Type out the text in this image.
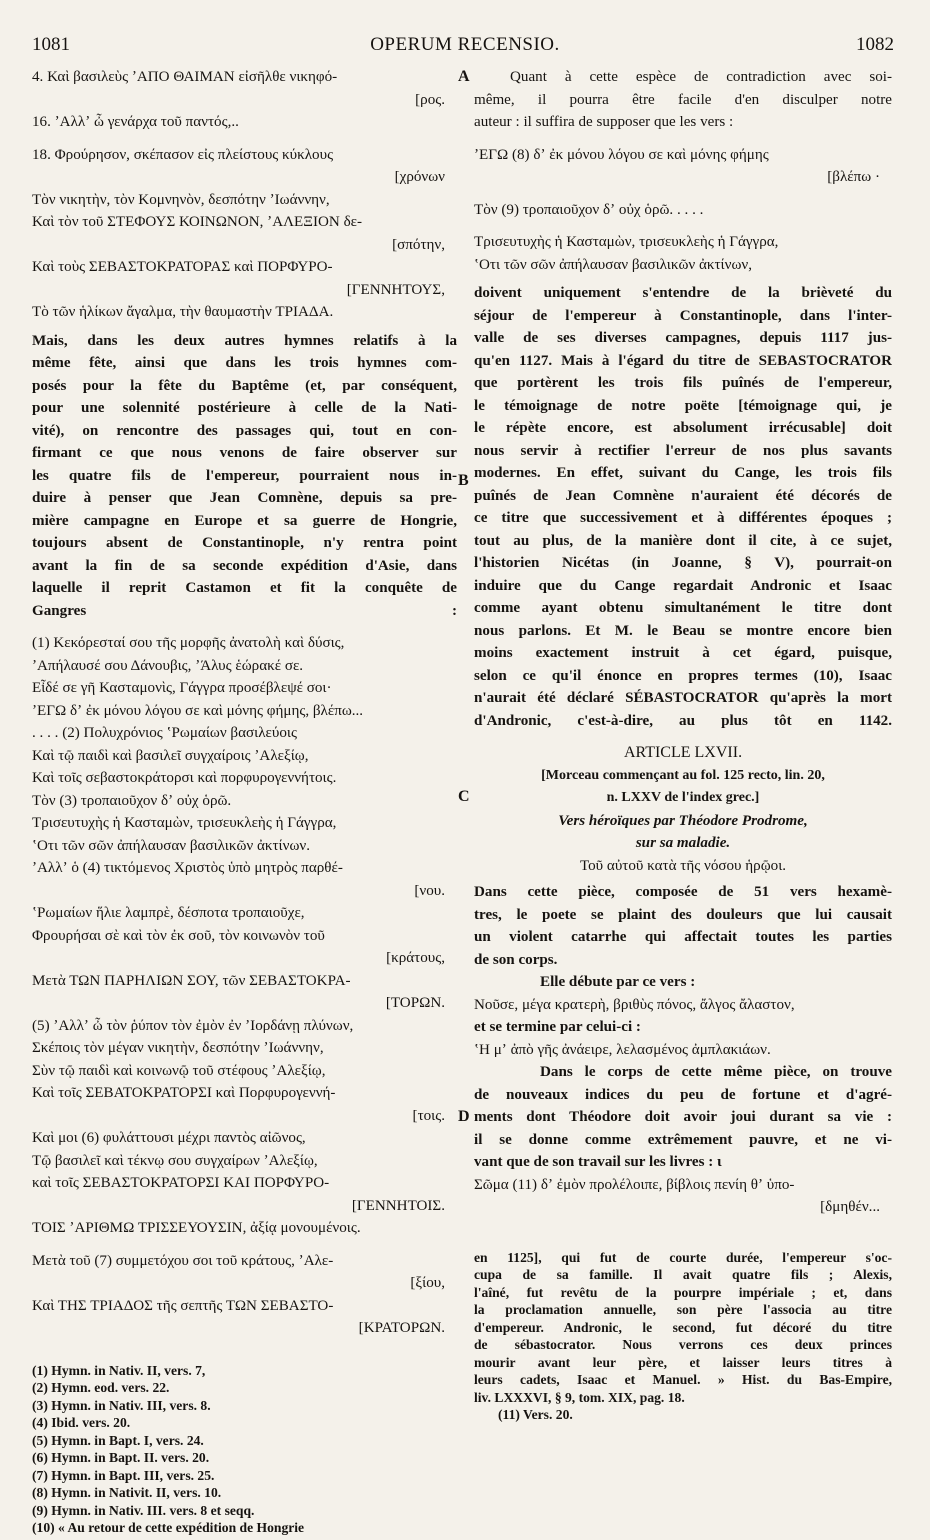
1081	OPERUM RECENSIO.	1082
A
B
C
D
4. Καὶ βασιλεὺς ʼΑΠΟ ΘΑΙΜΑΝ εἰσῆλθε νικηφό-
[ρος.
16. ʼΑλλʼ ὦ γενάρχα τοῦ παντός,..
18. Φρούρησον, σκέπασον εἰς πλείστους κύκλους
[χρόνων
Τὸν νικητὴν, τὸν Κομνηνὸν, δεσπότην ʼΙωάννην,
Καὶ τὸν τοῦ ΣΤΕΦΟΥΣ ΚΟΙΝΩΝΟΝ, ʼΑΛΕΞΙΟΝ δε-
[σπότην,
Καὶ τοὺς ΣΕΒΑΣΤΟΚΡΑΤΟΡΑΣ καὶ ΠΟΡΦΥΡΟ-
[ΓΕΝΝΗΤΟΥΣ,
Τὸ τῶν ἡλίκων ἄγαλμα, τὴν θαυμαστὴν ΤΡΙΑΔΑ.
Mais, dans les deux autres hymnes relatifs à la
même fête, ainsi que dans les trois hymnes com-
posés pour la fête du Baptême (et, par conséquent,
pour une solennité postérieure à celle de la Nati-
vité), on rencontre des passages qui, tout en con-
firmant ce que nous venons de faire observer sur
les quatre fils de l'empereur, pourraient nous in-
duire à penser que Jean Comnène, depuis sa pre-
mière campagne en Europe et sa guerre de Hongrie,
toujours absent de Constantinople, n'y rentra point
avant la fin de sa seconde expédition d'Asie, dans
laquelle il reprit Castamon et fit la conquête de
Gangres :
(1) Κεκόρεσταί σου τῆς μορφῆς ἀνατολὴ καὶ δύσις,
ʼΑπήλαυσέ σου Δάνουβις, ʼΆλυς ἑώρακέ σε.
Εἶδέ σε γῆ Κασταμονὶς, Γάγγρα προσέβλεψέ σοι·
ʼΕΓΩ δʼ ἐκ μόνου λόγου σε καὶ μόνης φήμης, βλέπω...
. . . . (2) Πολυχρόνιος ʽΡωμαίων βασιλεύοις
Καὶ τῷ παιδὶ καὶ βασιλεῖ συγχαίροις ʼΑλεξίῳ,
Καὶ τοῖς σεβαστοκράτορσι καὶ πορφυρογεννήτοις.
Τὸν (3) τροπαιοῦχον δʼ οὐχ ὁρῶ.
Τρισευτυχὴς ἡ Κασταμὼν, τρισευκλεὴς ἡ Γάγγρα,
ʽΟτι τῶν σῶν ἀπήλαυσαν βασιλικῶν ἀκτίνων.
ʼΑλλʼ ὁ (4) τικτόμενος Χριστὸς ὑπὸ μητρὸς παρθέ-
[νου.
ʽΡωμαίων ἥλιε λαμπρὲ, δέσποτα τροπαιοῦχε,
Φρουρήσαι σὲ καὶ τὸν ἐκ σοῦ, τὸν κοινωνὸν τοῦ
[κράτους,
Μετὰ ΤΩΝ ΠΑΡΗΛΙΩΝ ΣΟΥ, τῶν ΣΕΒΑΣΤΟΚΡΑ-
[ΤΟΡΩΝ.
(5) ʼΑλλʼ ὦ τὸν ῥύπον τὸν ἐμὸν ἐν ʼΙορδάνῃ πλύνων,
Σκέποις τὸν μέγαν νικητὴν, δεσπότην ʼΙωάννην,
Σὺν τῷ παιδὶ καὶ κοινωνῷ τοῦ στέφους ʼΑλεξίῳ,
Καὶ τοῖς ΣΕΒΑΤΟΚΡΑΤΟΡΣΙ καὶ Πορφυρογεννή-
[τοις.
Καὶ μοι (6) φυλάττουσι μέχρι παντὸς αἰῶνος,
Τῷ βασιλεῖ καὶ τέκνῳ σου συγχαίρων ʼΑλεξίῳ,
καὶ τοῖς ΣΕΒΑΣΤΟΚΡΑΤΟΡΣΙ ΚΑΙ ΠΟΡΦΥΡΟ-
[ΓΕΝΝΗΤΟΙΣ.
ΤΟΙΣ ʼΑΡΙΘΜΩ ΤΡΙΣΣΕΥΟΥΣΙΝ, ἀξίᾳ μονουμένοις.
Μετὰ τοῦ (7) συμμετόχου σοι τοῦ κράτους, ʼΑλε-
[ξίου,
Καὶ ΤΗΣ ΤΡΙΑΔΟΣ τῆς σεπτῆς ΤΩΝ ΣΕΒΑΣΤΟ-
[ΚΡΑΤΟΡΩΝ.
(1) Hymn. in Nativ. II, vers. 7,
(2) Hymn. eod. vers. 22.
(3) Hymn. in Nativ. III, vers. 8.
(4) Ibid. vers. 20.
(5) Hymn. in Bapt. I, vers. 24.
(6) Hymn. in Bapt. II. vers. 20.
(7) Hymn. in Bapt. III, vers. 25.
(8) Hymn. in Nativit. II, vers. 10.
(9) Hymn. in Nativ. III. vers. 8 et seqq.
(10) « Au retour de cette expédition de Hongrie
Quant à cette espèce de contradiction avec soi-
même, il pourra être facile d'en disculper notre
auteur : il suffira de supposer que les vers :
ʼΕΓΩ (8) δʼ ἐκ μόνου λόγου σε καὶ μόνης φήμης
[βλέπω ·
Τὸν (9) τροπαιοῦχον δʼ οὐχ ὁρῶ. . . . .
Τρισευτυχὴς ἡ Κασταμὼν, τρισευκλεὴς ἡ Γάγγρα,
ʽΟτι τῶν σῶν ἀπήλαυσαν βασιλικῶν ἀκτίνων,
doivent uniquement s'entendre de la brièveté du
séjour de l'empereur à Constantinople, dans l'inter-
valle de ses diverses campagnes, depuis 1117 jus-
qu'en 1127. Mais à l'égard du titre de SEBASTOCRATOR
que portèrent les trois fils puînés de l'empereur,
le témoignage de notre poëte [témoignage qui, je
le répète encore, est absolument irrécusable] doit
nous servir à rectifier l'erreur de nos plus savants
modernes. En effet, suivant du Cange, les trois fils
puînés de Jean Comnène n'auraient été décorés de
ce titre que successivement et à différentes époques ;
tout au plus, de la manière dont il cite, à ce sujet,
l'historien Nicétas (in Joanne, § V), pourrait-on
induire que du Cange regardait Andronic et Isaac
comme ayant obtenu simultanément le titre dont
nous parlons. Et M. le Beau se montre encore bien
moins exactement instruit à cet égard, puisque,
selon ce qu'il énonce en propres termes (10), Isaac
n'aurait été déclaré SÉBASTOCRATOR qu'après la mort
d'Andronic, c'est-à-dire, au plus tôt en 1142.
ARTICLE LXVII.
[Morceau commençant au fol. 125 recto, lin. 20,
n. LXXV de l'index grec.]
Vers héroïques par Théodore Prodrome,
sur sa maladie.
Τοῦ αὐτοῦ κατὰ τῆς νόσου ἡρῷοι.
Dans cette pièce, composée de 51 vers hexamè-
tres, le poete se plaint des douleurs que lui causait
un violent catarrhe qui affectait toutes les parties
de son corps.
Elle débute par ce vers :
Νοῦσε, μέγα κρατερὴ, βριθὺς πόνος, ἄλγος ἄλαστον,
et se termine par celui-ci :
ʽΗ μʼ ἀπὸ γῆς ἀνάειρε, λελασμένος ἀμπλακιάων.
Dans le corps de cette même pièce, on trouve
de nouveaux indices du peu de fortune et d'agré-
ments dont Théodore doit avoir joui durant sa vie :
il se donne comme extrêmement pauvre, et ne vi-
vant que de son travail sur les livres : ι
Σῶμα (11) δʼ ἐμὸν προλέλοιπε, βίβλοις πενίη θʼ ὑπο-
[δμηθέν...
en 1125], qui fut de courte durée, l'empereur s'oc-
cupa de sa famille. Il avait quatre fils ; Alexis,
l'aîné, fut revêtu de la pourpre impériale ; et, dans
la proclamation annuelle, son père l'associa au titre
d'empereur. Andronic, le second, fut décoré du titre
de sébastocrator. Nous verrons ces deux princes
mourir avant leur père, et laisser leurs titres à
leurs cadets, Isaac et Manuel. » Hist. du Bas-Empire,
liv. LXXXVI, § 9, tom. XIX, pag. 18.
(11) Vers. 20.
